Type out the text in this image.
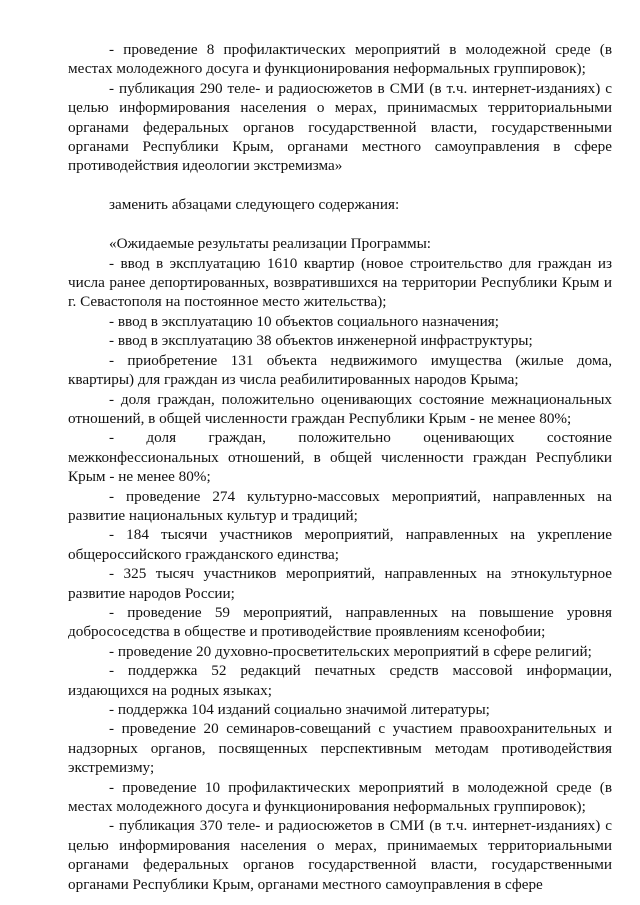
- проведение 8 профилактических мероприятий в молодежной среде (в местах молодежного досуга и функционирования неформальных группировок);

- публикация 290 теле- и радиосюжетов в СМИ (в т.ч. интернет-изданиях) с целью информирования населения о мерах, принимасмых территориальными органами федеральных органов государственной власти, государственными органами Республики Крым, органами местного самоуправления в сфере противодействия идеологии экстремизма»

заменить абзацами следующего содержания:

«Ожидаемые результаты реализации Программы:

- ввод в эксплуатацию 1610 квартир (новое строительство для граждан из числа ранее депортированных, возвратившихся на территории Республики Крым и г. Севастополя на постоянное место жительства);

- ввод в эксплуатацию 10 объектов социального назначения;

- ввод в эксплуатацию 38 объектов инженерной инфраструктуры;

- приобретение 131 объекта недвижимого имущества (жилые дома, квартиры) для граждан из числа реабилитированных народов Крыма;

- доля граждан, положительно оценивающих состояние межнациональных отношений, в общей численности граждан Республики Крым - не менее 80%;

- доля граждан, положительно оценивающих состояние межконфессиональных отношений, в общей численности граждан Республики Крым - не менее 80%;

- проведение 274 культурно-массовых мероприятий, направленных на развитие национальных культур и традиций;

- 184 тысячи участников мероприятий, направленных на укрепление общероссийского гражданского единства;

- 325 тысяч участников мероприятий, направленных на этнокультурное развитие народов России;

- проведение 59 мероприятий, направленных на повышение уровня добрососедства в обществе и противодействие проявлениям ксенофобии;

- проведение 20 духовно-просветительских мероприятий в сфере религий;

- поддержка 52 редакций печатных средств массовой информации, издающихся на родных языках;

- поддержка 104 изданий социально значимой литературы;

- проведение 20 семинаров-совещаний с участием правоохранительных и надзорных органов, посвященных перспективным методам противодействия экстремизму;

- проведение 10 профилактических мероприятий в молодежной среде (в местах молодежного досуга и функционирования неформальных группировок);

- публикация 370 теле- и радиосюжетов в СМИ (в т.ч. интернет-изданиях) с целью информирования населения о мерах, принимаемых территориальными органами федеральных органов государственной власти, государственными органами Республики Крым, органами местного самоуправления в сфере
